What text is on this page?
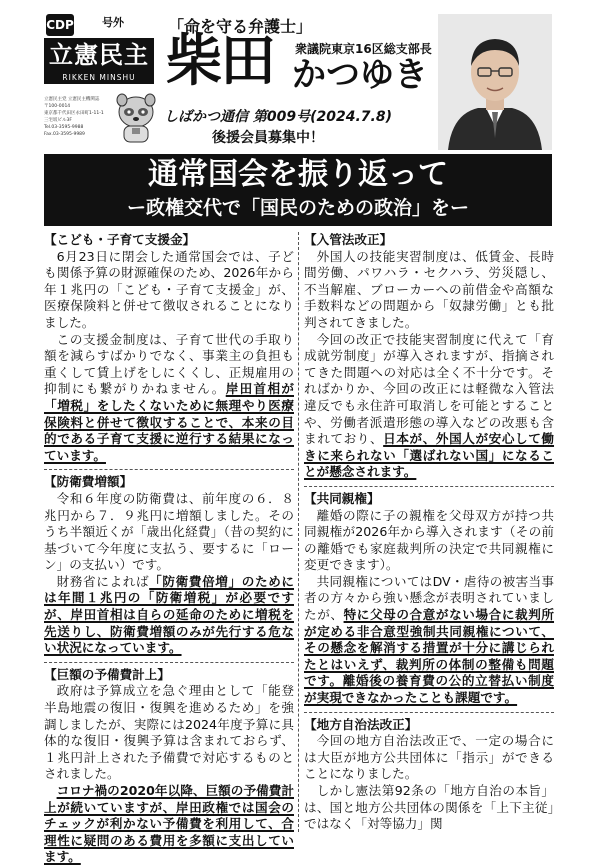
CDP	号外
立憲民主
RIKKEN MINSHU
立憲民主党 立憲民主機関誌
〒100-0014
東京都千代田区永田町1-11-1
三宅坂ビル3F
Tel.03-3595-9988
Fax.03-3595-9989
「命を守る弁護士」
柴田 衆議院東京16区総支部長
かつゆき
しばかつ通信 第009号(2024.7.8)
後援会員募集中！
通常国会を振り返って
ー政権交代で「国民のための政治」をー
【こども・子育て支援金】

6月23日に閉会した通常国会では、子ども関係予算の財源確保のため、2026年から年１兆円の「こども・子育て支援金」が、医療保険料と併せて徴収されることになりました。

この支援金制度は、子育て世代の手取り額を減らすばかりでなく、事業主の負担も重くして賃上げをしにくくし、正規雇用の抑制にも繋がりかねません。岸田首相が「増税」をしたくないために無理やり医療保険料と併せて徴収することで、本来の目的である子育て支援に逆行する結果になっています。

【防衛費増額】

令和６年度の防衛費は、前年度の６．８兆円から７．９兆円に増額しました。そのうち半額近くが「歳出化経費」（昔の契約に基づいて今年度に支払う、要するに「ローン」の支払い）です。

財務省によれば「防衛費倍増」のためには年間１兆円の「防衛増税」が必要ですが、岸田首相は自らの延命のために増税を先送りし、防衛費増額のみが先行する危ない状況になっています。

【巨額の予備費計上】

政府は予算成立を急ぐ理由として「能登半島地震の復旧・復興を進めるため」を強調しましたが、実際には2024年度予算に具体的な復旧・復興予算は含まれておらず、１兆円計上された予備費で対応するものとされました。

コロナ禍の2020年以降、巨額の予備費計上が続いていますが、岸田政権では国会のチェックが利かない予備費を利用して、合理性に疑問のある費用を多額に支出しています。

【入管法改正】

外国人の技能実習制度は、低賃金、長時間労働、パワハラ・セクハラ、労災隠し、不当解雇、ブローカーへの前借金や高額な手数料などの問題から「奴隷労働」とも批判されてきました。

今回の改正で技能実習制度に代えて「育成就労制度」が導入されますが、指摘されてきた問題への対応は全く不十分です。そればかりか、今回の改正には軽微な入管法違反でも永住許可取消しを可能とすることや、労働者派遣形態の導入などの改悪も含まれており、日本が、外国人が安心して働きに来られない「選ばれない国」になることが懸念されます。

【共同親権】

離婚の際に子の親権を父母双方が持つ共同親権が2026年から導入されます（その前の離婚でも家庭裁判所の決定で共同親権に変更できます）。

共同親権についてはDV・虐待の被害当事者の方々から強い懸念が表明されていましたが、特に父母の合意がない場合に裁判所が定める非合意型強制共同親権について、その懸念を解消する措置が十分に講じられたとはいえず、裁判所の体制の整備も問題です。離婚後の養育費の公的立替払い制度が実現できなかったことも課題です。

【地方自治法改正】

今回の地方自治法改正で、一定の場合には大臣が地方公共団体に「指示」ができることになりました。

しかし憲法第92条の「地方自治の本旨」は、国と地方公共団体の関係を「上下主従」ではなく「対等協力」関
